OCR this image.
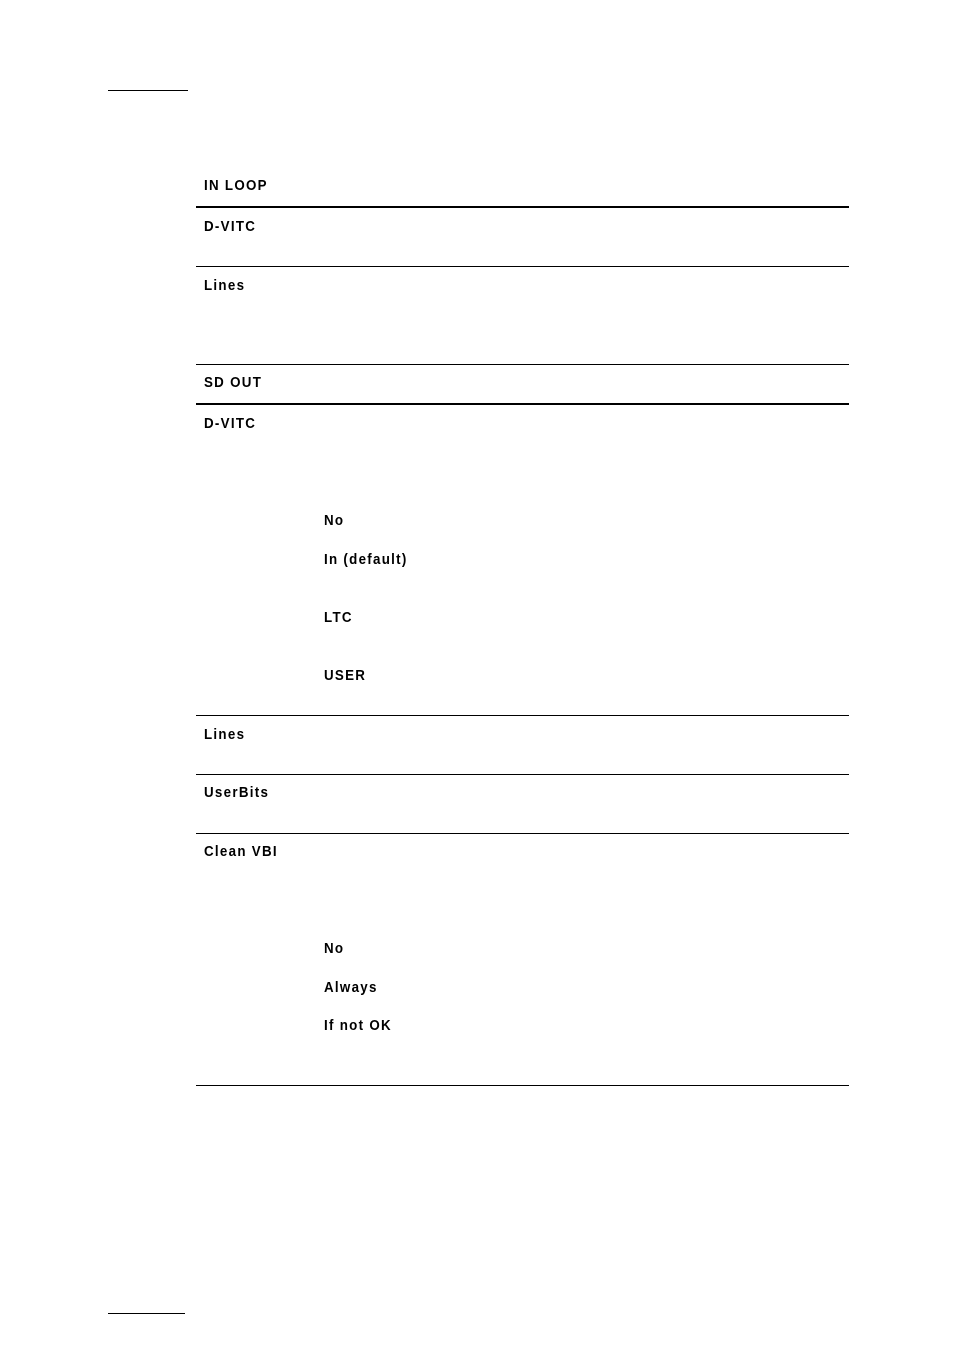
IN LOOP
D-VITC
Lines
SD OUT
D-VITC
No
In (default)
LTC
USER
Lines
UserBits
Clean VBI
No
Always
If not OK
